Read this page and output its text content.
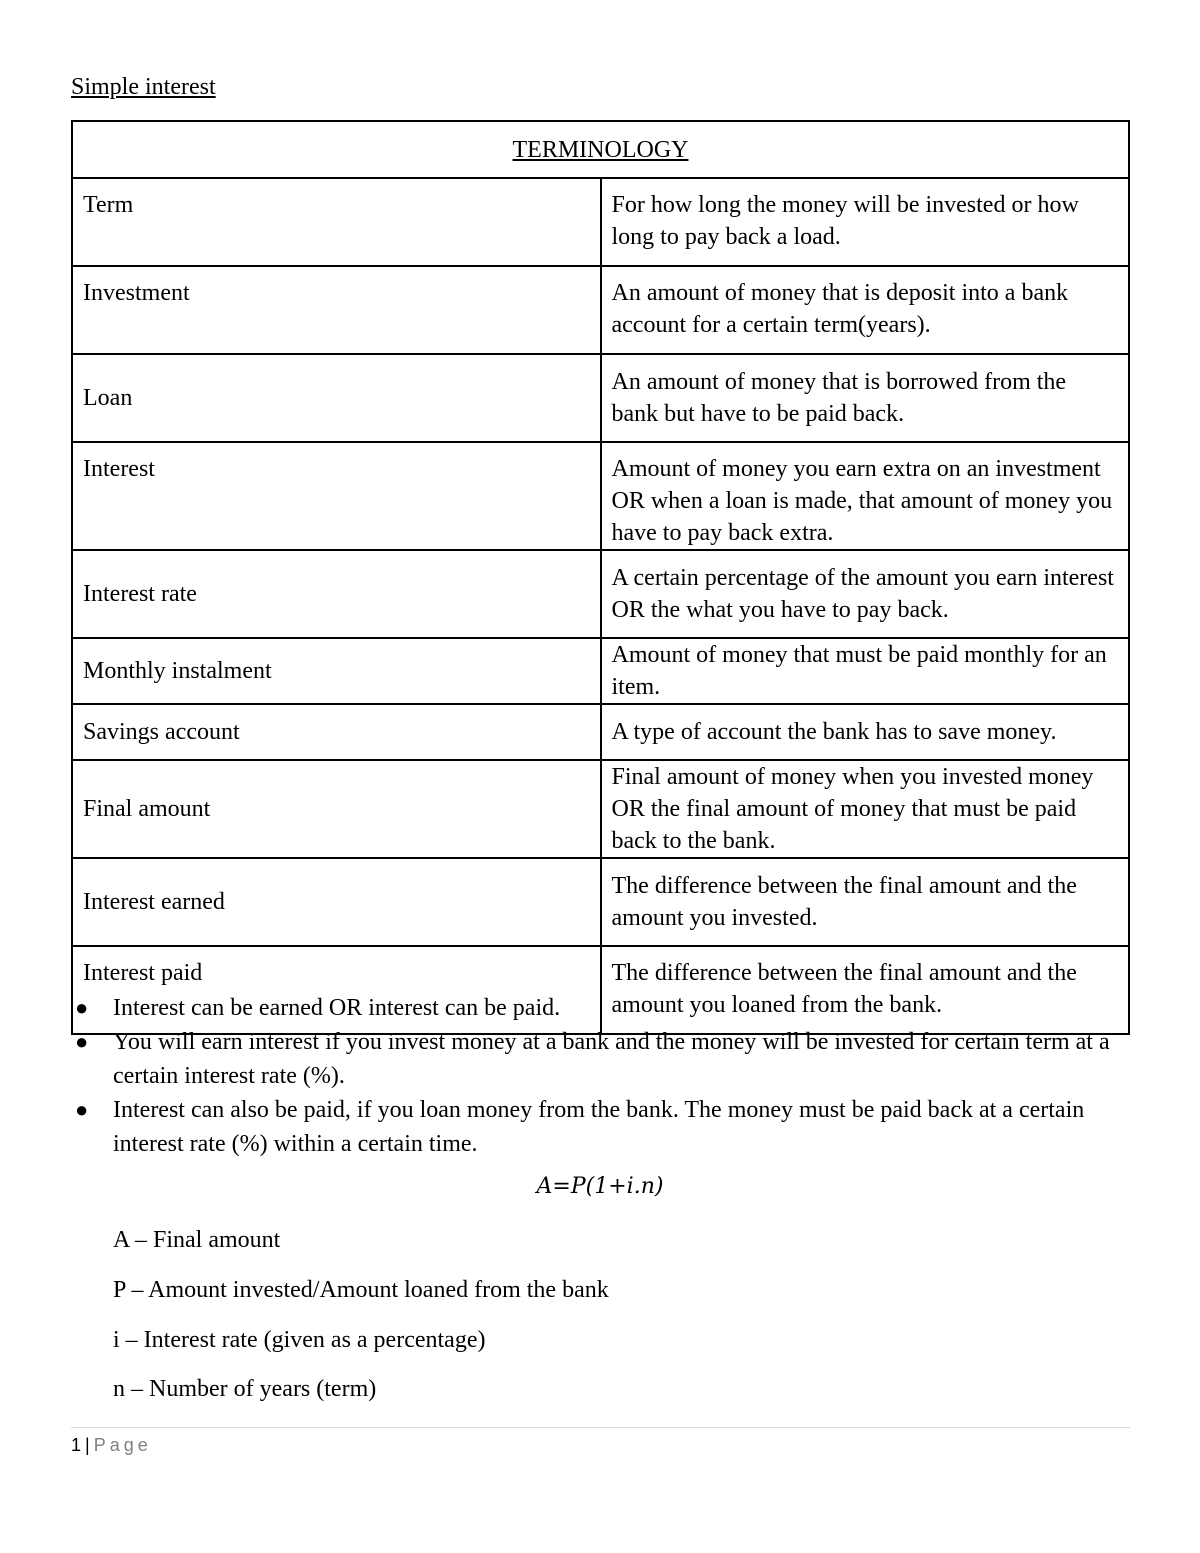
Simple interest
TERMINOLOGY	
Term	For how long the money will be invested or how long to pay back a load.
Investment	An amount of money that is deposit into a bank account for a certain term(years).
Loan	An amount of money that is borrowed from the bank but have to be paid back.
Interest	Amount of money you earn extra on an investment OR when a loan is made, that amount of money you have to pay back extra.
Interest rate	A certain percentage of the amount you earn interest OR the what you have to pay back.
Monthly instalment	Amount of money that must be paid monthly for an item.
Savings account	A type of account the bank has to save money.
Final amount	Final amount of money when you invested money OR the final amount of money that must be paid back to the bank.
Interest earned	The difference between the final amount and the amount you invested.
Interest paid	The difference between the final amount and the amount you loaned from the bank.
● Interest can be earned OR interest can be paid.
● You will earn interest if you invest money at a bank and the money will be invested for certain term at a certain interest rate (%).
● Interest can also be paid, if you loan money from the bank. The money must be paid back at a certain interest rate (%) within a certain time.
A=P(1+i.n)
A – Final amount
P – Amount invested/Amount loaned from the bank
i – Interest rate (given as a percentage)
n – Number of years (term)
1 | Page
